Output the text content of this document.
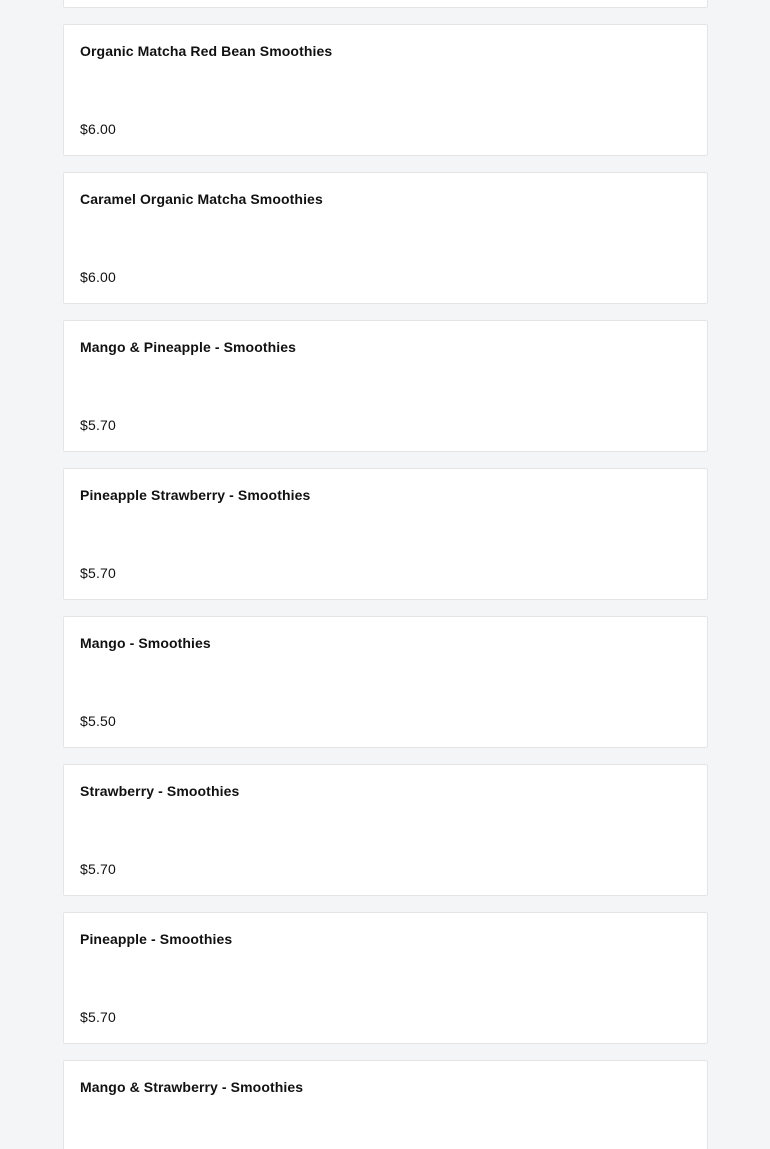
Organic Matcha Red Bean Smoothies
$6.00
Caramel Organic Matcha Smoothies
$6.00
Mango & Pineapple - Smoothies
$5.70
Pineapple Strawberry - Smoothies
$5.70
Mango - Smoothies
$5.50
Strawberry - Smoothies
$5.70
Pineapple - Smoothies
$5.70
Mango & Strawberry - Smoothies
